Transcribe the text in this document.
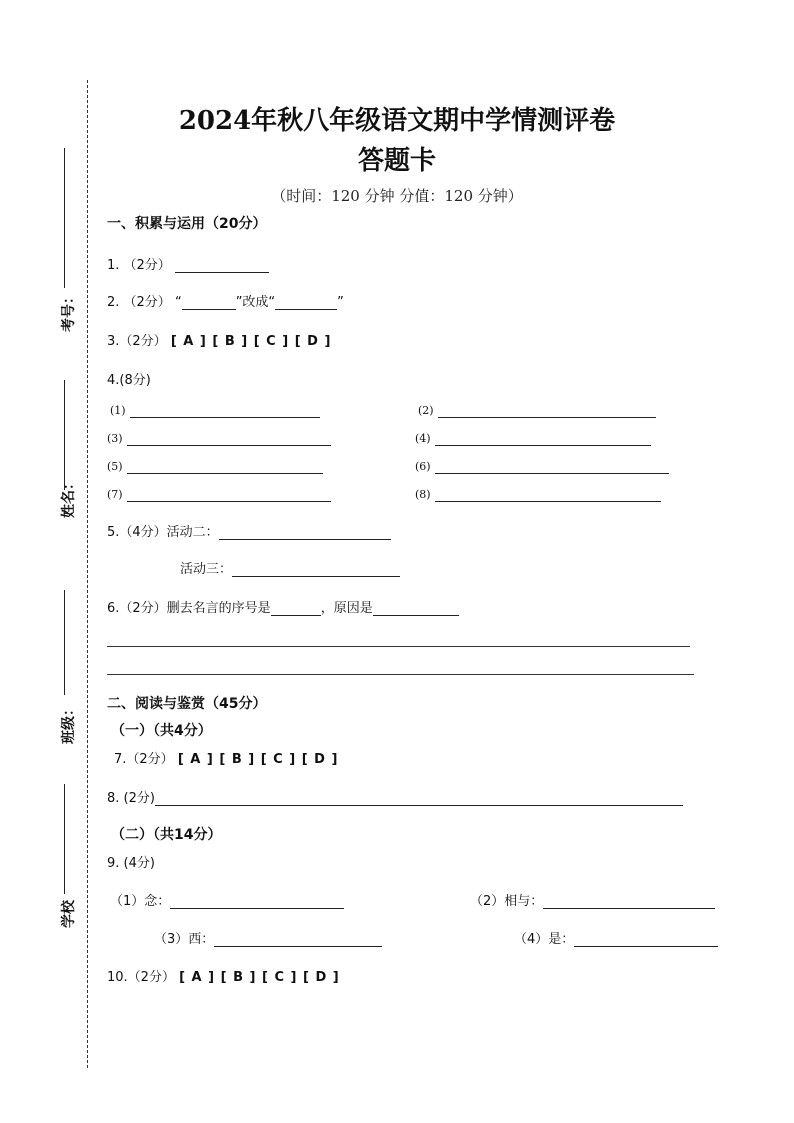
考号：
姓名：
班级：
学校
2024年秋八年级语文期中学情测评卷
答题卡
（时间：120 分钟 分值：120 分钟）
一、积累与运用（20分）
1. （2分）
2. （2分） “	”改成“	”
3.（2分） [ A ] [ B ] [ C ] [ D ]
4.(8分)
(1)	(2)
(3)	(4)
(5)	(6)
(7)	(8)
5.（4分）活动二：
活动三：
6.（2分）删去名言的序号是	，原因是
二、阅读与鉴赏（45分）
（一）（共4分）
7.（2分） [ A ] [ B ] [ C ] [ D ]
8. (2分)
（二）（共14分）
9. (4分)
（1）念：	（2）相与：
（3）西：	（4）是：
10.（2分） [ A ] [ B ] [ C ] [ D ]
